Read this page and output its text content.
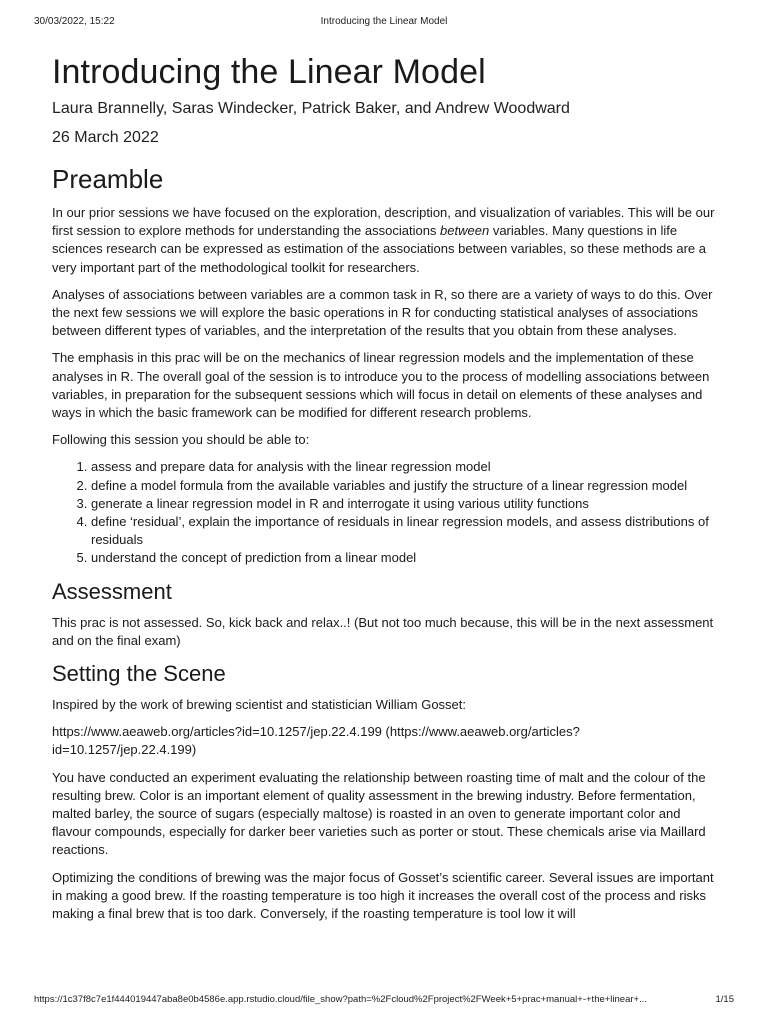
30/03/2022, 15:22	Introducing the Linear Model
Introducing the Linear Model
Laura Brannelly, Saras Windecker, Patrick Baker, and Andrew Woodward
26 March 2022
Preamble

In our prior sessions we have focused on the exploration, description, and visualization of variables. This will be our first session to explore methods for understanding the associations between variables. Many questions in life sciences research can be expressed as estimation of the associations between variables, so these methods are a very important part of the methodological toolkit for researchers.

Analyses of associations between variables are a common task in R, so there are a variety of ways to do this. Over the next few sessions we will explore the basic operations in R for conducting statistical analyses of associations between different types of variables, and the interpretation of the results that you obtain from these analyses.

The emphasis in this prac will be on the mechanics of linear regression models and the implementation of these analyses in R. The overall goal of the session is to introduce you to the process of modelling associations between variables, in preparation for the subsequent sessions which will focus in detail on elements of these analyses and ways in which the basic framework can be modified for different research problems.

Following this session you should be able to:

1. assess and prepare data for analysis with the linear regression model
2. define a model formula from the available variables and justify the structure of a linear regression model
3. generate a linear regression model in R and interrogate it using various utility functions
4. define ‘residual’, explain the importance of residuals in linear regression models, and assess distributions of residuals
5. understand the concept of prediction from a linear model
Assessment

This prac is not assessed. So, kick back and relax..! (But not too much because, this will be in the next assessment and on the final exam)

Setting the Scene

Inspired by the work of brewing scientist and statistician William Gosset:

https://www.aeaweb.org/articles?id=10.1257/jep.22.4.199 (https://www.aeaweb.org/articles?id=10.1257/jep.22.4.199)

You have conducted an experiment evaluating the relationship between roasting time of malt and the colour of the resulting brew. Color is an important element of quality assessment in the brewing industry. Before fermentation, malted barley, the source of sugars (especially maltose) is roasted in an oven to generate important color and flavour compounds, especially for darker beer varieties such as porter or stout. These chemicals arise via Maillard reactions.

Optimizing the conditions of brewing was the major focus of Gosset’s scientific career. Several issues are important in making a good brew. If the roasting temperature is too high it increases the overall cost of the process and risks making a final brew that is too dark. Conversely, if the roasting temperature is tool low it will

https://1c37f8c7e1f444019447aba8e0b4586e.app.rstudio.cloud/file_show?path=%2Fcloud%2Fproject%2FWeek+5+prac+manual+-+the+linear+...	1/15
